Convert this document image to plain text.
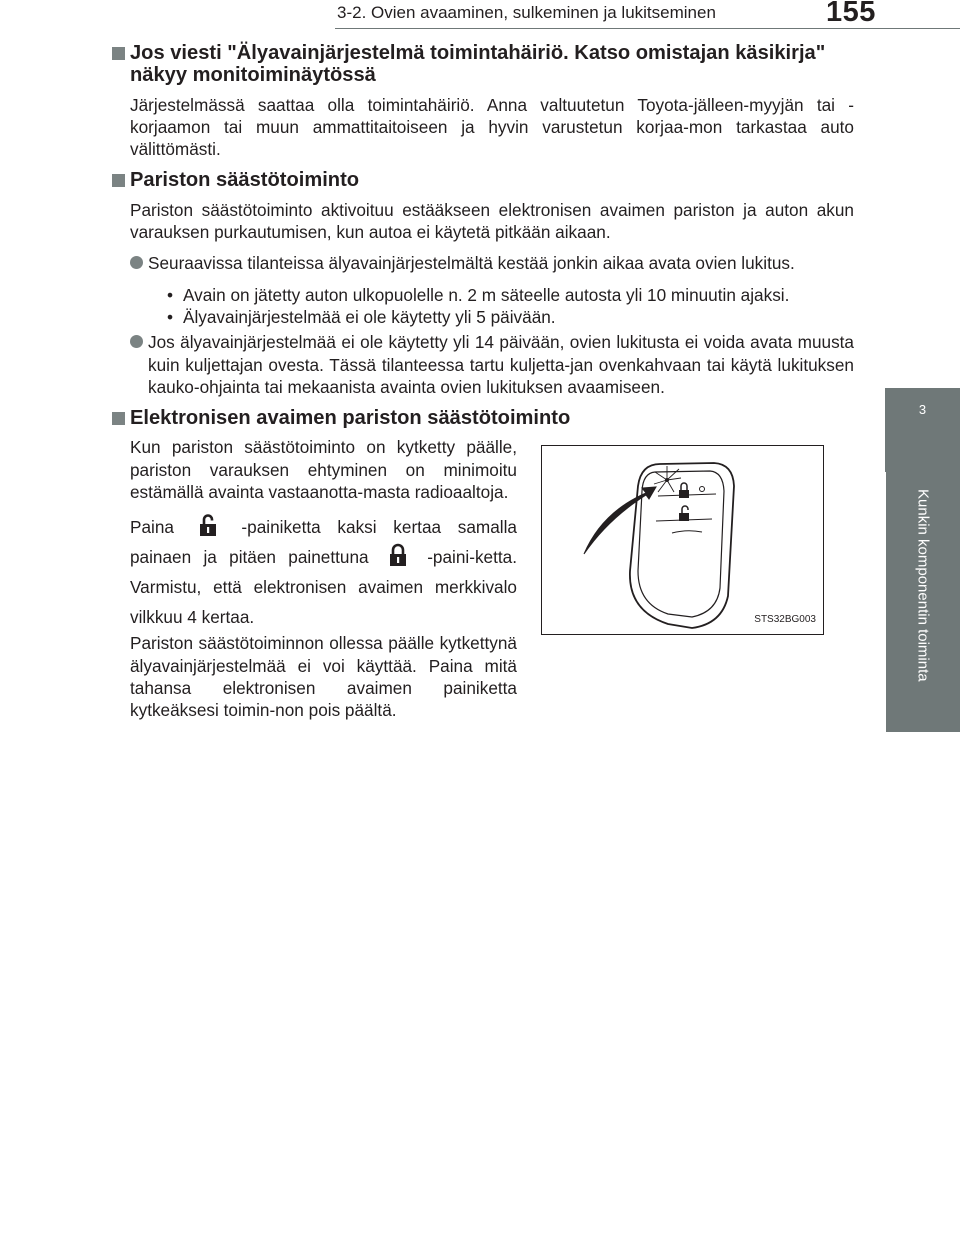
3-2. Ovien avaaminen, sulkeminen ja lukitseminen	155
3
Kunkin komponentin toiminta
Jos viesti "Älyavainjärjestelmä toimintahäiriö. Katso omistajan käsikirja" näkyy monitoiminäytössä

Järjestelmässä saattaa olla toimintahäiriö. Anna valtuutetun Toyota-jälleen-myyjän tai -korjaamon tai muun ammattitaitoiseen ja hyvin varustetun korjaa-mon tarkastaa auto välittömästi.

Pariston säästötoiminto

Pariston säästötoiminto aktivoituu estääkseen elektronisen avaimen pariston ja auton akun varauksen purkautumisen, kun autoa ei käytetä pitkään aikaan.

Seuraavissa tilanteissa älyavainjärjestelmältä kestää jonkin aikaa avata ovien lukitus.
• Avain on jätetty auton ulkopuolelle n. 2 m säteelle autosta yli 10 minuutin ajaksi.
• Älyavainjärjestelmää ei ole käytetty yli 5 päivään.
Jos älyavainjärjestelmää ei ole käytetty yli 14 päivään, ovien lukitusta ei voida avata muusta kuin kuljettajan ovesta. Tässä tilanteessa tartu kuljetta-jan ovenkahvaan tai käytä lukituksen kauko-ohjainta tai mekaanista avainta ovien lukituksen avaamiseen.
Elektronisen avaimen pariston säästötoiminto

Kun pariston säästötoiminto on kytketty päälle, pariston varauksen ehtyminen on minimoitu estämällä avainta vastaanotta-masta radioaaltoja.

Paina	-painiketta kaksi kertaa samalla painaen ja pitäen painettuna	-paini-ketta. Varmistu, että elektronisen avaimen merkkivalo vilkkuu 4 kertaa.

Pariston säästötoiminnon ollessa päälle kytkettynä älyavainjärjestelmää ei voi käyttää. Paina mitä tahansa elektronisen avaimen painiketta kytkeäksesi toimin-non pois päältä.

STS32BG003
